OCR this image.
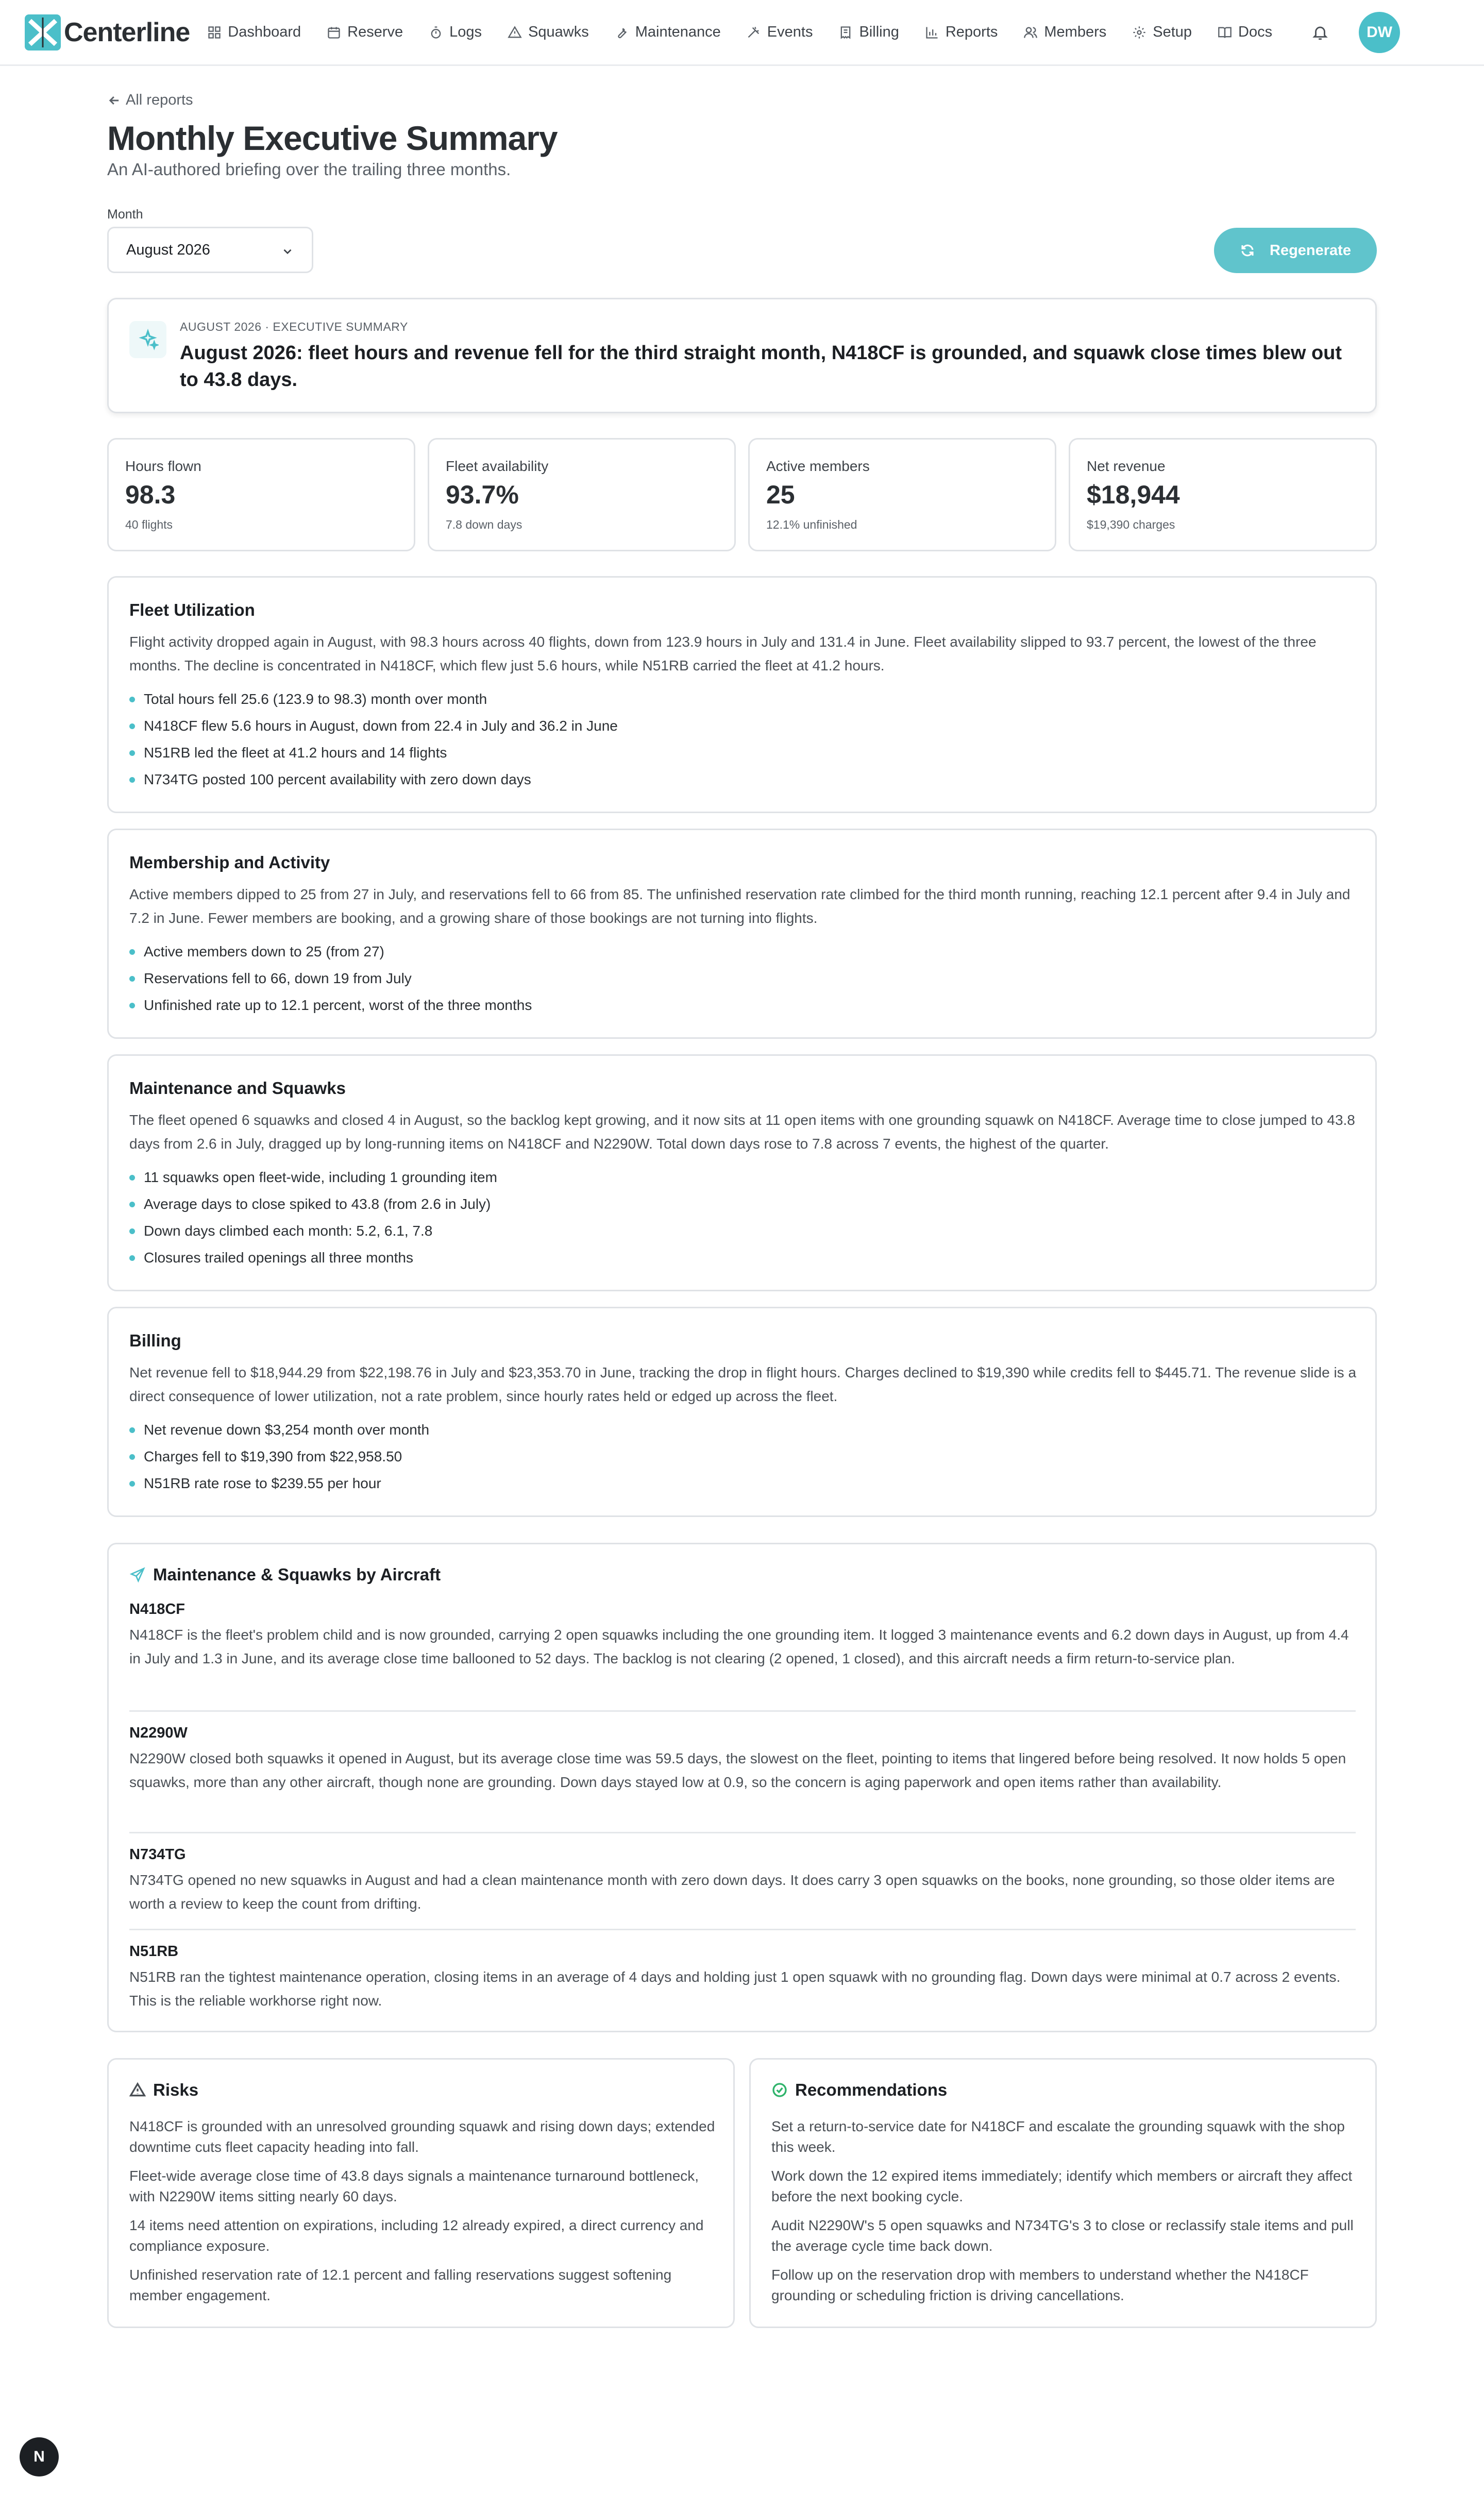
Centerline	Dashboard	Reserve	Logs	Squawks	Maintenance	Events	Billing	Reports	Members	Setup	Docs	DW
All reports
Monthly Executive Summary
An AI-authored briefing over the trailing three months.
Month
August 2026	Regenerate
AUGUST 2026 · EXECUTIVE SUMMARY
August 2026: fleet hours and revenue fell for the third straight month, N418CF is grounded, and squawk close times blew out to 43.8 days.
Hours flown
98.3
40 flights
Fleet availability
93.7%
7.8 down days
Active members
25
12.1% unfinished
Net revenue
$18,944
$19,390 charges
Fleet Utilization
Flight activity dropped again in August, with 98.3 hours across 40 flights, down from 123.9 hours in July and 131.4 in June. Fleet availability slipped to 93.7 percent, the lowest of the three months. The decline is concentrated in N418CF, which flew just 5.6 hours, while N51RB carried the fleet at 41.2 hours.
Total hours fell 25.6 (123.9 to 98.3) month over month
N418CF flew 5.6 hours in August, down from 22.4 in July and 36.2 in June
N51RB led the fleet at 41.2 hours and 14 flights
N734TG posted 100 percent availability with zero down days
Membership and Activity
Active members dipped to 25 from 27 in July, and reservations fell to 66 from 85. The unfinished reservation rate climbed for the third month running, reaching 12.1 percent after 9.4 in July and 7.2 in June. Fewer members are booking, and a growing share of those bookings are not turning into flights.
Active members down to 25 (from 27)
Reservations fell to 66, down 19 from July
Unfinished rate up to 12.1 percent, worst of the three months
Maintenance and Squawks
The fleet opened 6 squawks and closed 4 in August, so the backlog kept growing, and it now sits at 11 open items with one grounding squawk on N418CF. Average time to close jumped to 43.8 days from 2.6 in July, dragged up by long-running items on N418CF and N2290W. Total down days rose to 7.8 across 7 events, the highest of the quarter.
11 squawks open fleet-wide, including 1 grounding item
Average days to close spiked to 43.8 (from 2.6 in July)
Down days climbed each month: 5.2, 6.1, 7.8
Closures trailed openings all three months
Billing
Net revenue fell to $18,944.29 from $22,198.76 in July and $23,353.70 in June, tracking the drop in flight hours. Charges declined to $19,390 while credits fell to $445.71. The revenue slide is a direct consequence of lower utilization, not a rate problem, since hourly rates held or edged up across the fleet.
Net revenue down $3,254 month over month
Charges fell to $19,390 from $22,958.50
N51RB rate rose to $239.55 per hour
Maintenance & Squawks by Aircraft
N418CF
N418CF is the fleet's problem child and is now grounded, carrying 2 open squawks including the one grounding item. It logged 3 maintenance events and 6.2 down days in August, up from 4.4 in July and 1.3 in June, and its average close time ballooned to 52 days. The backlog is not clearing (2 opened, 1 closed), and this aircraft needs a firm return-to-service plan.
N2290W
N2290W closed both squawks it opened in August, but its average close time was 59.5 days, the slowest on the fleet, pointing to items that lingered before being resolved. It now holds 5 open squawks, more than any other aircraft, though none are grounding. Down days stayed low at 0.9, so the concern is aging paperwork and open items rather than availability.
N734TG
N734TG opened no new squawks in August and had a clean maintenance month with zero down days. It does carry 3 open squawks on the books, none grounding, so those older items are worth a review to keep the count from drifting.
N51RB
N51RB ran the tightest maintenance operation, closing items in an average of 4 days and holding just 1 open squawk with no grounding flag. Down days were minimal at 0.7 across 2 events. This is the reliable workhorse right now.
Risks
N418CF is grounded with an unresolved grounding squawk and rising down days; extended downtime cuts fleet capacity heading into fall.
Fleet-wide average close time of 43.8 days signals a maintenance turnaround bottleneck, with N2290W items sitting nearly 60 days.
14 items need attention on expirations, including 12 already expired, a direct currency and compliance exposure.
Unfinished reservation rate of 12.1 percent and falling reservations suggest softening member engagement.
Recommendations
Set a return-to-service date for N418CF and escalate the grounding squawk with the shop this week.
Work down the 12 expired items immediately; identify which members or aircraft they affect before the next booking cycle.
Audit N2290W's 5 open squawks and N734TG's 3 to close or reclassify stale items and pull the average cycle time back down.
Follow up on the reservation drop with members to understand whether the N418CF grounding or scheduling friction is driving cancellations.
N
